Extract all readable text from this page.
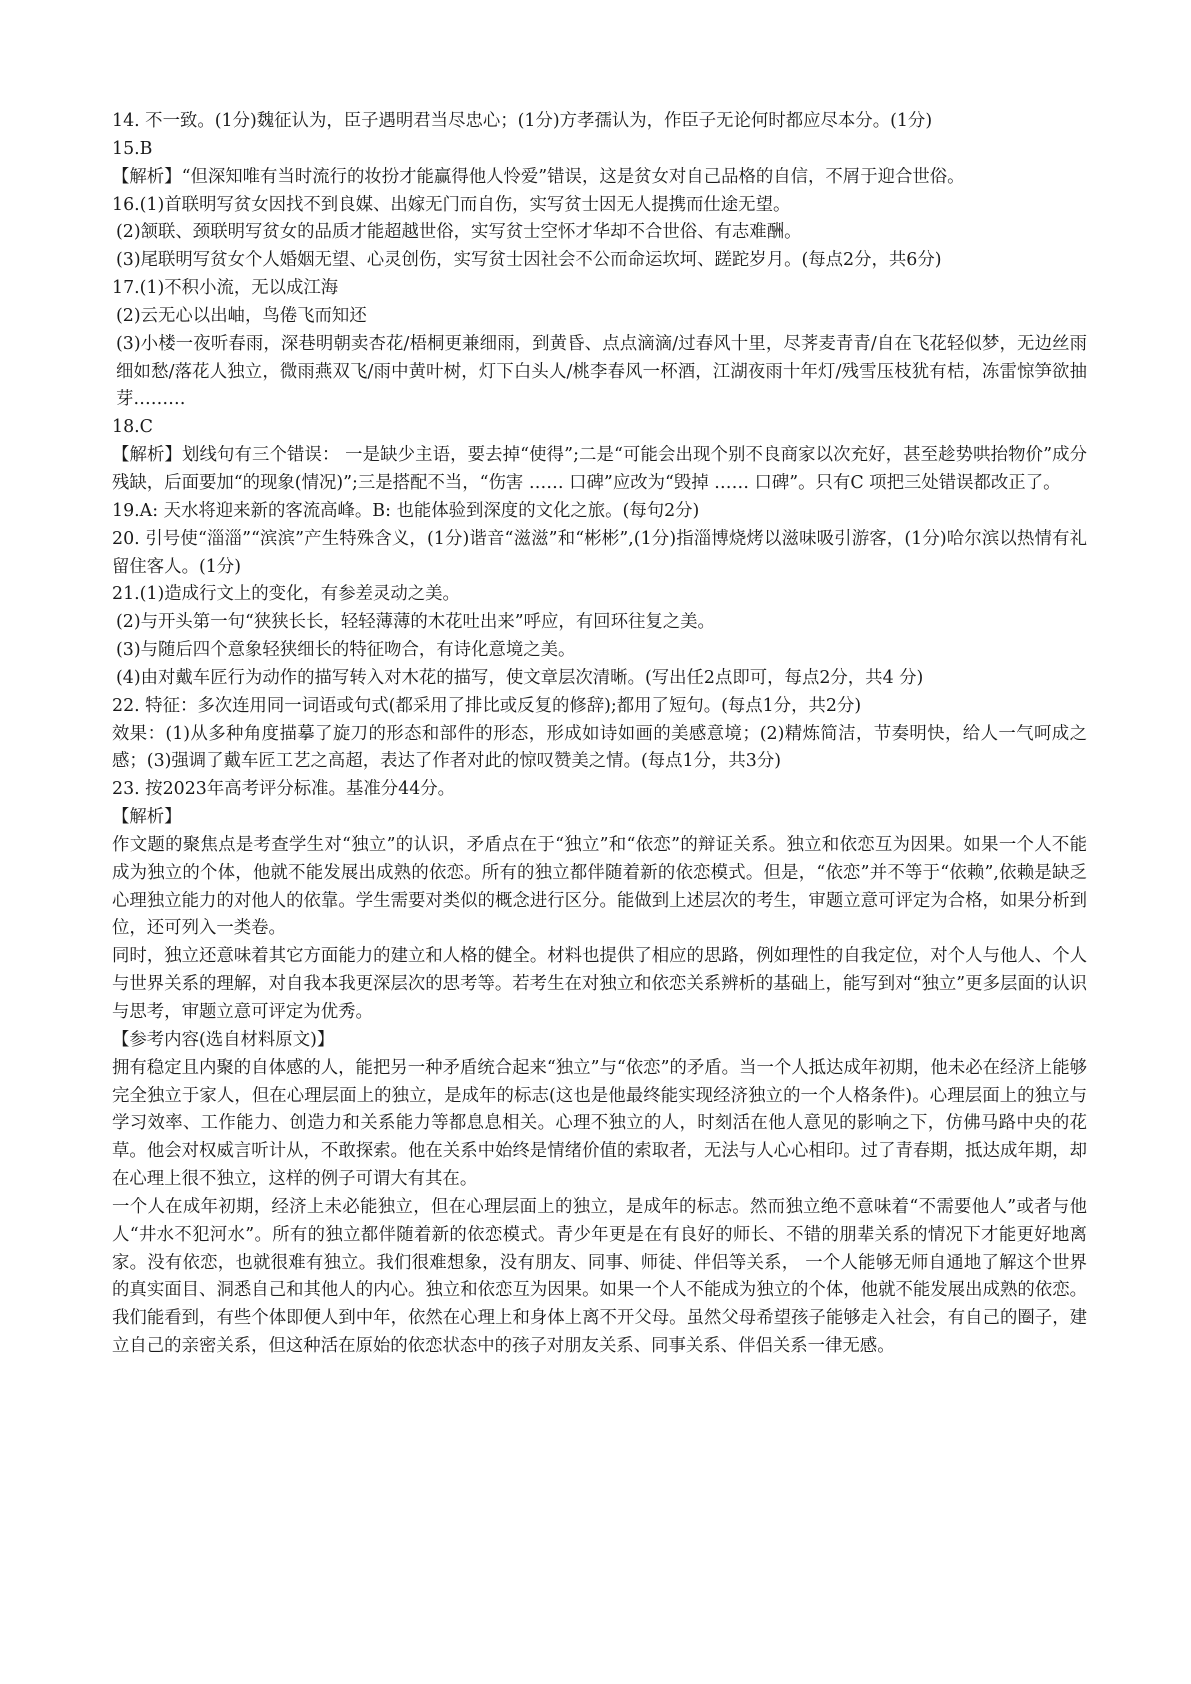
14. 不一致。(1分)魏征认为，臣子遇明君当尽忠心；(1分)方孝孺认为，作臣子无论何时都应尽本分。(1分)

15.B

【解析】“但深知唯有当时流行的妆扮才能赢得他人怜爱”错误，这是贫女对自己品格的自信，不屑于迎合世俗。

16.(1)首联明写贫女因找不到良媒、出嫁无门而自伤，实写贫士因无人提携而仕途无望。

(2)颔联、颈联明写贫女的品质才能超越世俗，实写贫士空怀才华却不合世俗、有志难酬。

(3)尾联明写贫女个人婚姻无望、心灵创伤，实写贫士因社会不公而命运坎坷、蹉跎岁月。(每点2分，共6分)

17.(1)不积小流，无以成江海

(2)云无心以出岫，鸟倦飞而知还

(3)小楼一夜听春雨，深巷明朝卖杏花/梧桐更兼细雨，到黄昏、点点滴滴/过春风十里，尽荠麦青青/自在飞花轻似梦，无边丝雨细如愁/落花人独立，微雨燕双飞/雨中黄叶树，灯下白头人/桃李春风一杯酒，江湖夜雨十年灯/残雪压枝犹有桔，冻雷惊笋欲抽芽………

18.C

【解析】划线句有三个错误： 一是缺少主语，要去掉“使得”;二是“可能会出现个别不良商家以次充好，甚至趁势哄抬物价”成分残缺，后面要加“的现象(情况)”;三是搭配不当，“伤害 …… 口碑”应改为“毁掉 …… 口碑”。只有C 项把三处错误都改正了。

19.A: 天水将迎来新的客流高峰。B: 也能体验到深度的文化之旅。(每句2分)

20. 引号使“淄淄”“滨滨”产生特殊含义，(1分)谐音“滋滋”和“彬彬”,(1分)指淄博烧烤以滋味吸引游客，(1分)哈尔滨以热情有礼留住客人。(1分)

21.(1)造成行文上的变化，有参差灵动之美。

(2)与开头第一句“狭狭长长，轻轻薄薄的木花吐出来”呼应，有回环往复之美。

(3)与随后四个意象轻狭细长的特征吻合，有诗化意境之美。

(4)由对戴车匠行为动作的描写转入对木花的描写，使文章层次清晰。(写出任2点即可，每点2分，共4 分)

22. 特征：多次连用同一词语或句式(都采用了排比或反复的修辞);都用了短句。(每点1分，共2分)

效果：(1)从多种角度描摹了旋刀的形态和部件的形态，形成如诗如画的美感意境；(2)精炼简洁，节奏明快，给人一气呵成之感；(3)强调了戴车匠工艺之高超，表达了作者对此的惊叹赞美之情。(每点1分，共3分)

23. 按2023年高考评分标准。基准分44分。

【解析】

作文题的聚焦点是考查学生对“独立”的认识，矛盾点在于“独立”和“依恋”的辩证关系。独立和依恋互为因果。如果一个人不能成为独立的个体，他就不能发展出成熟的依恋。所有的独立都伴随着新的依恋模式。但是，“依恋”并不等于“依赖”,依赖是缺乏心理独立能力的对他人的依靠。学生需要对类似的概念进行区分。能做到上述层次的考生，审题立意可评定为合格，如果分析到位，还可列入一类卷。

同时，独立还意味着其它方面能力的建立和人格的健全。材料也提供了相应的思路，例如理性的自我定位，对个人与他人、个人与世界关系的理解，对自我本我更深层次的思考等。若考生在对独立和依恋关系辨析的基础上，能写到对“独立”更多层面的认识与思考，审题立意可评定为优秀。

【参考内容(选自材料原文)】

拥有稳定且内聚的自体感的人，能把另一种矛盾统合起来“独立”与“依恋”的矛盾。当一个人抵达成年初期，他未必在经济上能够完全独立于家人，但在心理层面上的独立，是成年的标志(这也是他最终能实现经济独立的一个人格条件)。心理层面上的独立与学习效率、工作能力、创造力和关系能力等都息息相关。心理不独立的人，时刻活在他人意见的影响之下，仿佛马路中央的花草。他会对权威言听计从，不敢探索。他在关系中始终是情绪价值的索取者，无法与人心心相印。过了青春期，抵达成年期，却在心理上很不独立，这样的例子可谓大有其在。

一个人在成年初期，经济上未必能独立，但在心理层面上的独立，是成年的标志。然而独立绝不意味着“不需要他人”或者与他人“井水不犯河水”。所有的独立都伴随着新的依恋模式。青少年更是在有良好的师长、不错的朋辈关系的情况下才能更好地离家。没有依恋，也就很难有独立。我们很难想象，没有朋友、同事、师徒、伴侣等关系， 一个人能够无师自通地了解这个世界的真实面目、洞悉自己和其他人的内心。独立和依恋互为因果。如果一个人不能成为独立的个体，他就不能发展出成熟的依恋。我们能看到，有些个体即便人到中年，依然在心理上和身体上离不开父母。虽然父母希望孩子能够走入社会，有自己的圈子，建立自己的亲密关系，但这种活在原始的依恋状态中的孩子对朋友关系、同事关系、伴侣关系一律无感。
